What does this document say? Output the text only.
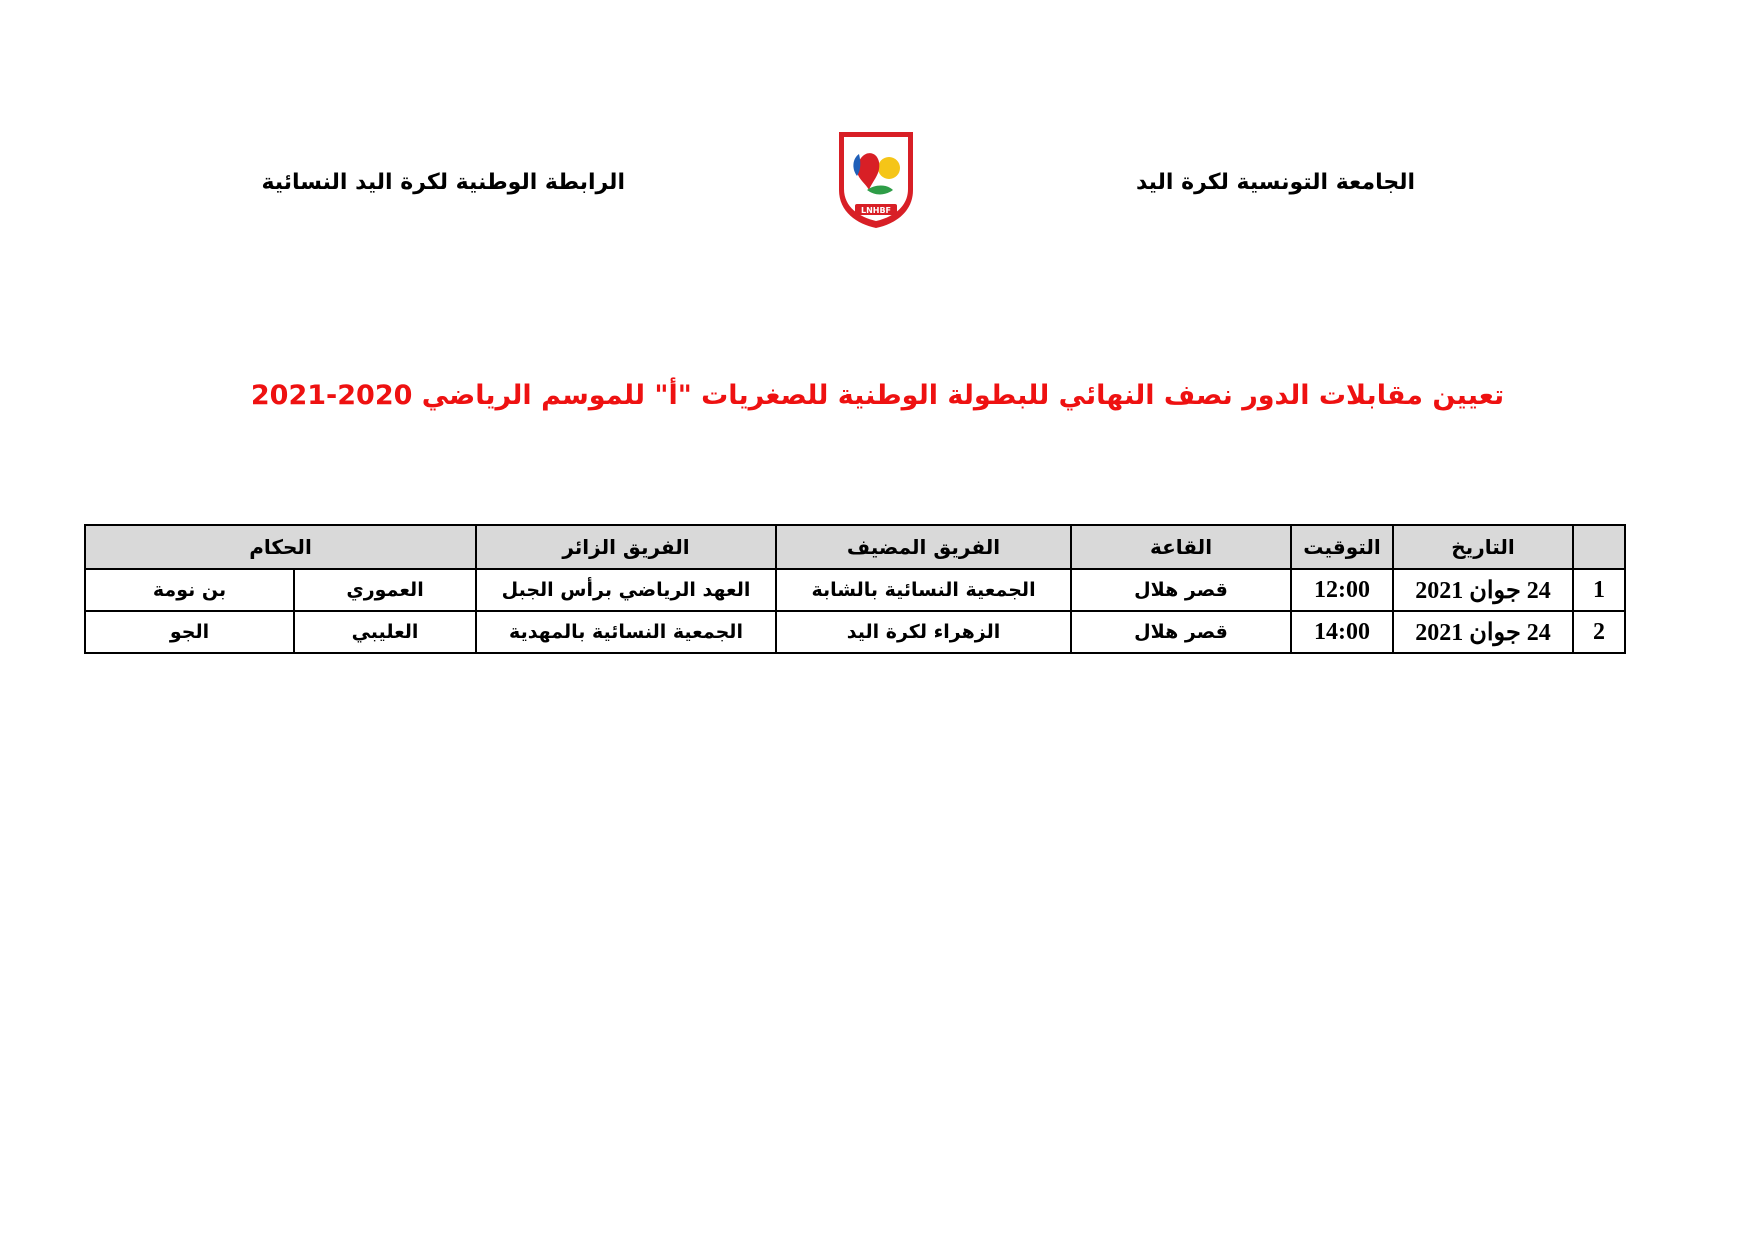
الجامعة التونسية لكرة اليد
الرابطة الوطنية لكرة اليد النسائية
LNHBF
تعيين مقابلات الدور نصف النهائي للبطولة الوطنية للصغريات "أ" للموسم الرياضي 2020-2021
	التاريخ	التوقيت	القاعة	الفريق المضيف	الفريق الزائر	الحكام	
1	24 جوان 2021	12:00	قصر هلال	الجمعية النسائية بالشابة	العهد الرياضي برأس الجبل	العموري	بن نومة
2	24 جوان 2021	14:00	قصر هلال	الزهراء لكرة اليد	الجمعية النسائية بالمهدية	العليبي	الجو
